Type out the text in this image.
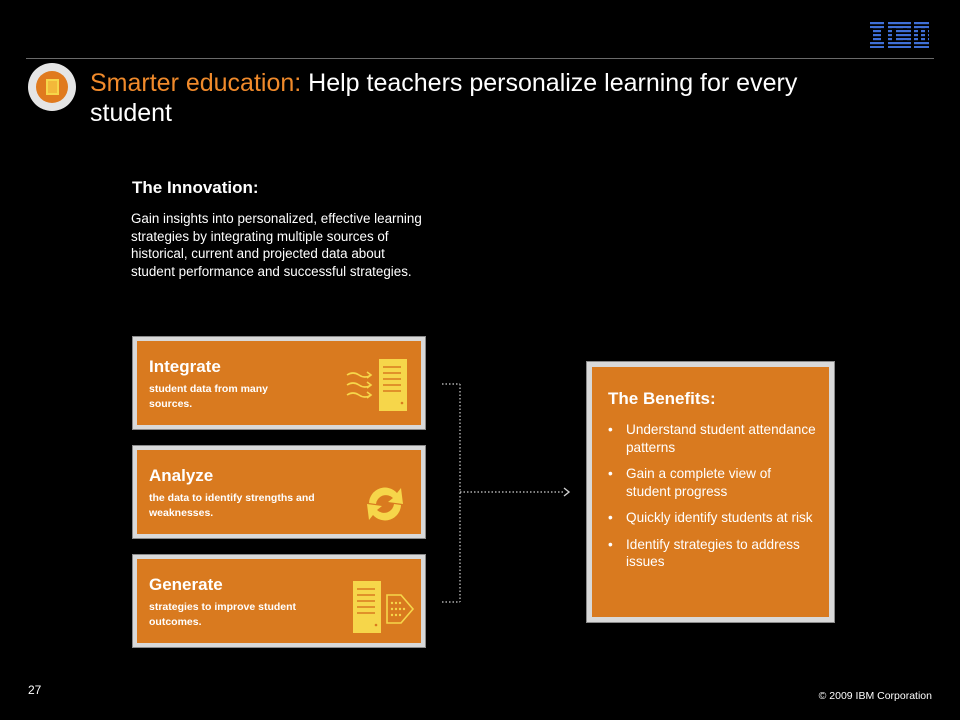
Smarter education: Help teachers personalize learning for every student
The Innovation:
Gain insights into personalized, effective learning strategies by integrating multiple sources of historical, current and projected data about student performance and successful strategies.
Integrate
student data from many sources.
Analyze
the data to identify strengths and weaknesses.
Generate
strategies to improve student outcomes.
The Benefits:
• Understand student attendance patterns
• Gain a complete view of student progress
• Quickly identify students at risk
• Identify strategies to address issues
27	© 2009 IBM Corporation
